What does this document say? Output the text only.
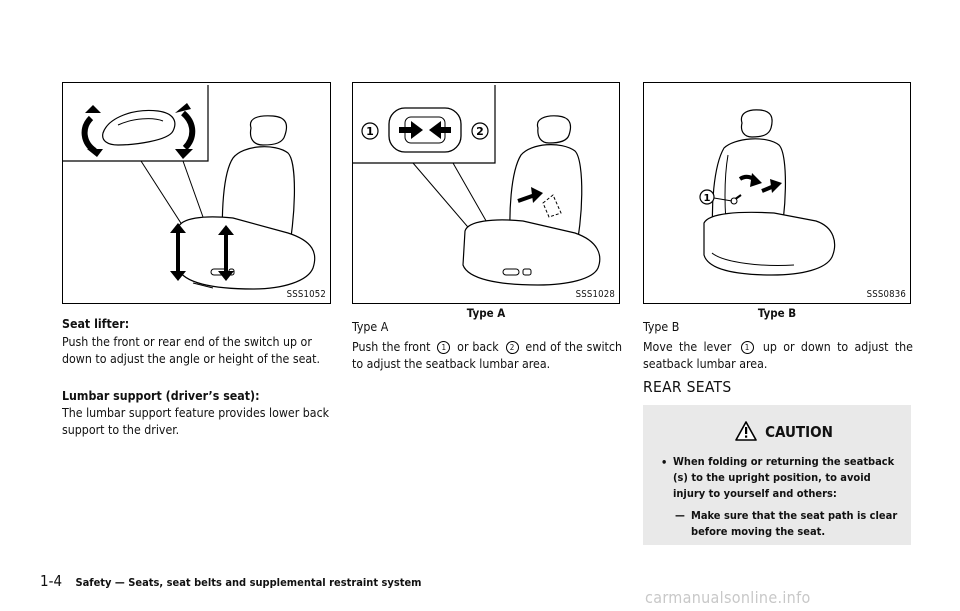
SSS1052
Seat lifter:
Push the front or rear end of the switch up or down to adjust the angle or height of the seat.
Lumbar support (driver’s seat):
The lumbar support feature provides lower back support to the driver.
1	2
SSS1028
Type A
Type A
Push the front 1 or back 2 end of the switch to adjust the seatback lumbar area.
1
SSS0836
Type B
Type B
Move the lever 1 up or down to adjust the seatback lumbar area.
REAR SEATS
CAUTION
• When folding or returning the seatback (s) to the upright position, to avoid injury to yourself and others:
— Make sure that the seat path is clear before moving the seat.
1-4 Safety — Seats, seat belts and supplemental restraint system
carmanualsonline.info
